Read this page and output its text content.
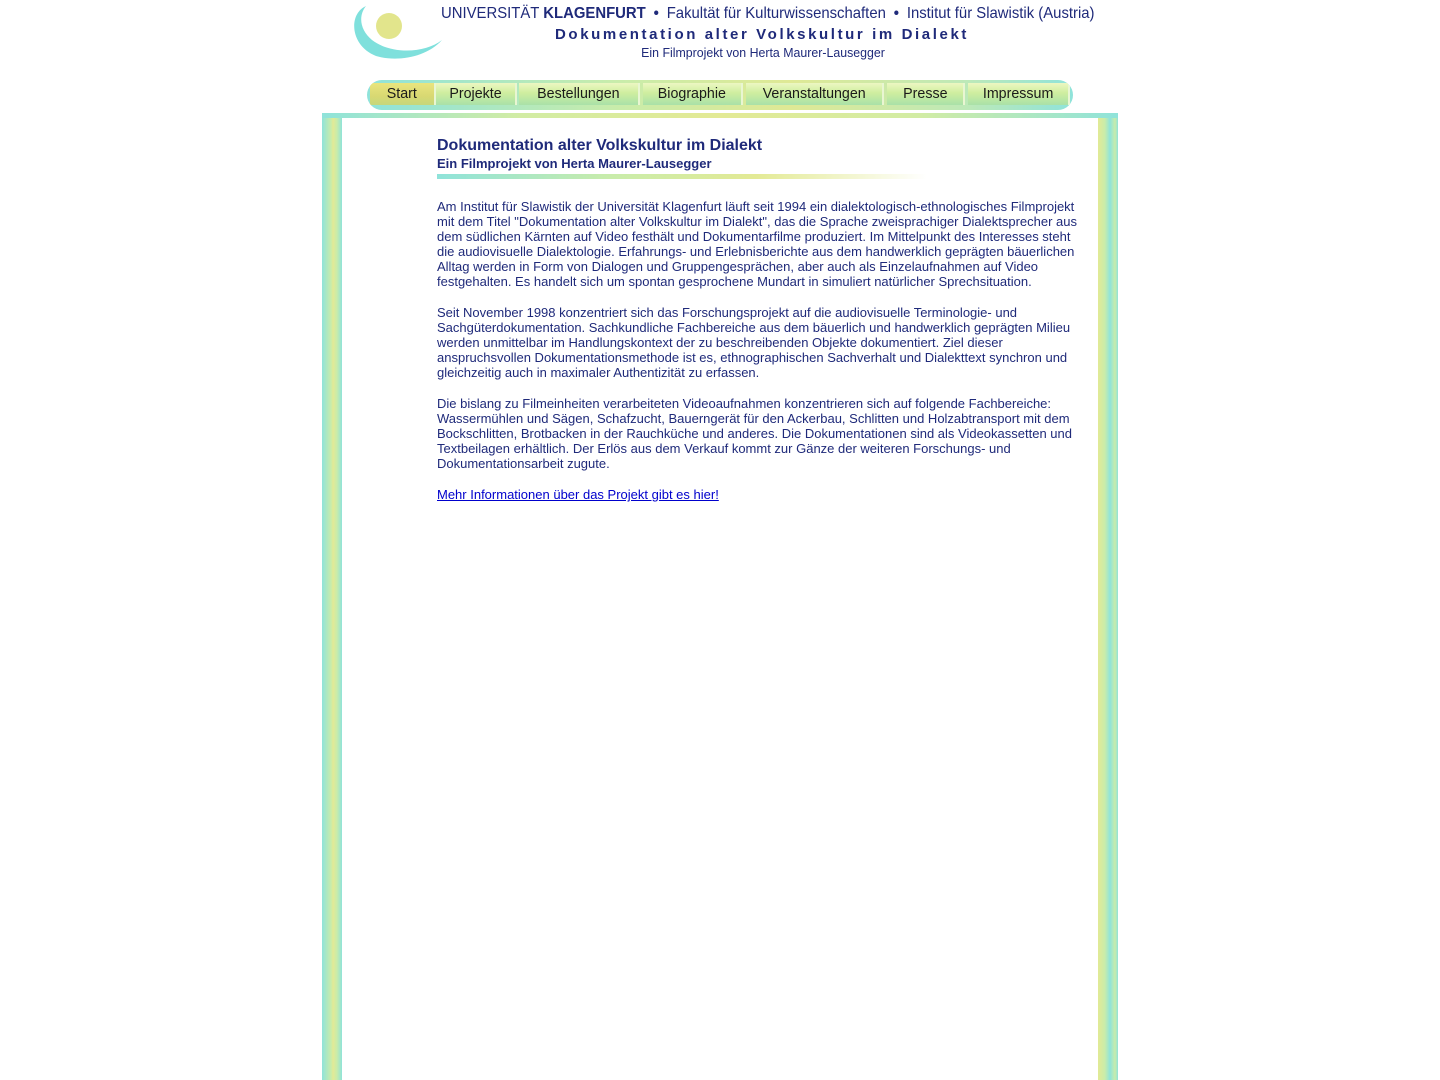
UNIVERSITÄT KLAGENFURT • Fakultät für Kulturwissenschaften • Institut für Slawistik (Austria)
Dokumentation alter Volkskultur im Dialekt
Ein Filmprojekt von Herta Maurer-Lausegger
Start	Projekte	Bestellungen	Biographie	Veranstaltungen	Presse	Impressum
Dokumentation alter Volkskultur im Dialekt
Ein Filmprojekt von Herta Maurer-Lausegger

Am Institut für Slawistik der Universität Klagenfurt läuft seit 1994 ein dialektologisch-ethnologisches Filmprojekt mit dem Titel "Dokumentation alter Volkskultur im Dialekt", das die Sprache zweisprachiger Dialektsprecher aus dem südlichen Kärnten auf Video festhält und Dokumentarfilme produziert. Im Mittelpunkt des Interesses steht die audiovisuelle Dialektologie. Erfahrungs- und Erlebnisberichte aus dem handwerklich geprägten bäuerlichen Alltag werden in Form von Dialogen und Gruppengesprächen, aber auch als Einzelaufnahmen auf Video festgehalten. Es handelt sich um spontan gesprochene Mundart in simuliert natürlicher Sprechsituation.

Seit November 1998 konzentriert sich das Forschungsprojekt auf die audiovisuelle Terminologie- und Sachgüterdokumentation. Sachkundliche Fachbereiche aus dem bäuerlich und handwerklich geprägten Milieu werden unmittelbar im Handlungskontext der zu beschreibenden Objekte dokumentiert. Ziel dieser anspruchsvollen Dokumentationsmethode ist es, ethnographischen Sachverhalt und Dialekttext synchron und gleichzeitig auch in maximaler Authentizität zu erfassen.

Die bislang zu Filmeinheiten verarbeiteten Videoaufnahmen konzentrieren sich auf folgende Fachbereiche: Wassermühlen und Sägen, Schafzucht, Bauerngerät für den Ackerbau, Schlitten und Holzabtransport mit dem Bockschlitten, Brotbacken in der Rauchküche und anderes. Die Dokumentationen sind als Videokassetten und Textbeilagen erhältlich. Der Erlös aus dem Verkauf kommt zur Gänze der weiteren Forschungs- und Dokumentationsarbeit zugute.

Mehr Informationen über das Projekt gibt es hier!
